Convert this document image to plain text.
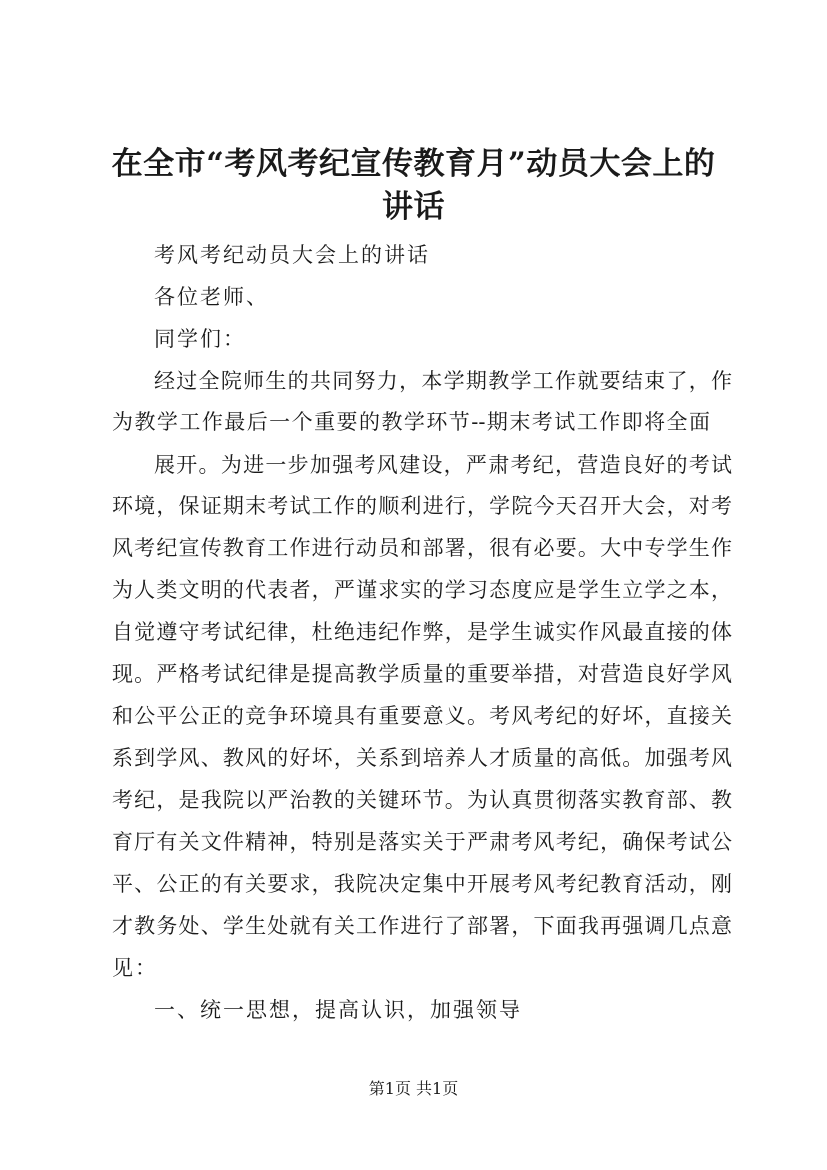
在全市“考风考纪宣传教育月”动员大会上的
讲话
考风考纪动员大会上的讲话
各位老师、
同学们：
经过全院师生的共同努力，本学期教学工作就要结束了，作
为教学工作最后一个重要的教学环节--期末考试工作即将全面
展开。为进一步加强考风建设，严肃考纪，营造良好的考试
环境，保证期末考试工作的顺利进行，学院今天召开大会，对考
风考纪宣传教育工作进行动员和部署，很有必要。大中专学生作
为人类文明的代表者，严谨求实的学习态度应是学生立学之本，
自觉遵守考试纪律，杜绝违纪作弊，是学生诚实作风最直接的体
现。严格考试纪律是提高教学质量的重要举措，对营造良好学风
和公平公正的竞争环境具有重要意义。考风考纪的好坏，直接关
系到学风、教风的好坏，关系到培养人才质量的高低。加强考风
考纪，是我院以严治教的关键环节。为认真贯彻落实教育部、教
育厅有关文件精神，特别是落实关于严肃考风考纪，确保考试公
平、公正的有关要求，我院决定集中开展考风考纪教育活动，刚
才教务处、学生处就有关工作进行了部署，下面我再强调几点意
见：
一、统一思想，提高认识，加强领导
第1页 共1页
